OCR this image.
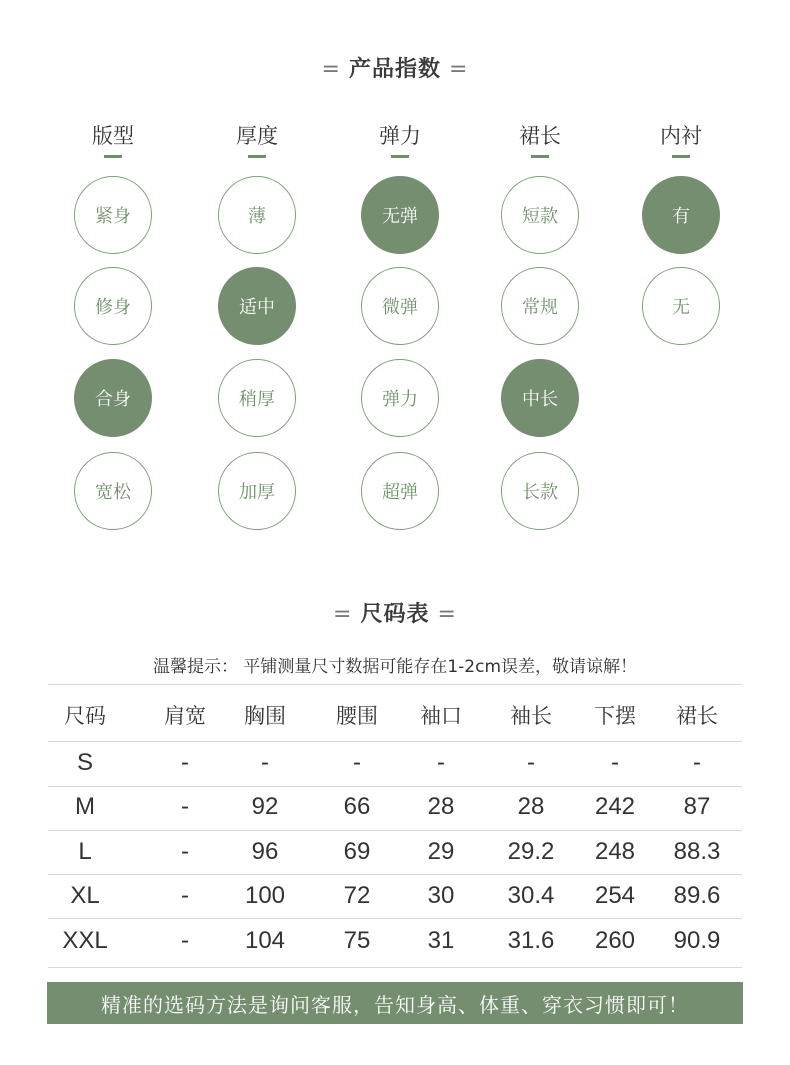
= 产品指数 =
版型
紧身
修身
合身
宽松
厚度
薄
适中
稍厚
加厚
弹力
无弹
微弹
弹力
超弹
裙长
短款
常规
中长
长款
内衬
有
无
= 尺码表 =
温馨提示： 平铺测量尺寸数据可能存在1-2cm误差，敬请谅解！
尺码	肩宽	胸围	腰围	袖口	袖长	下摆	裙长
S	-	-	-	-	-	-	-
M	-	92	66	28	28	242	87
L	-	96	69	29	29.2	248	88.3
XL	-	100	72	30	30.4	254	89.6
XXL	-	104	75	31	31.6	260	90.9
精准的选码方法是询问客服，告知身高、体重、穿衣习惯即可！
